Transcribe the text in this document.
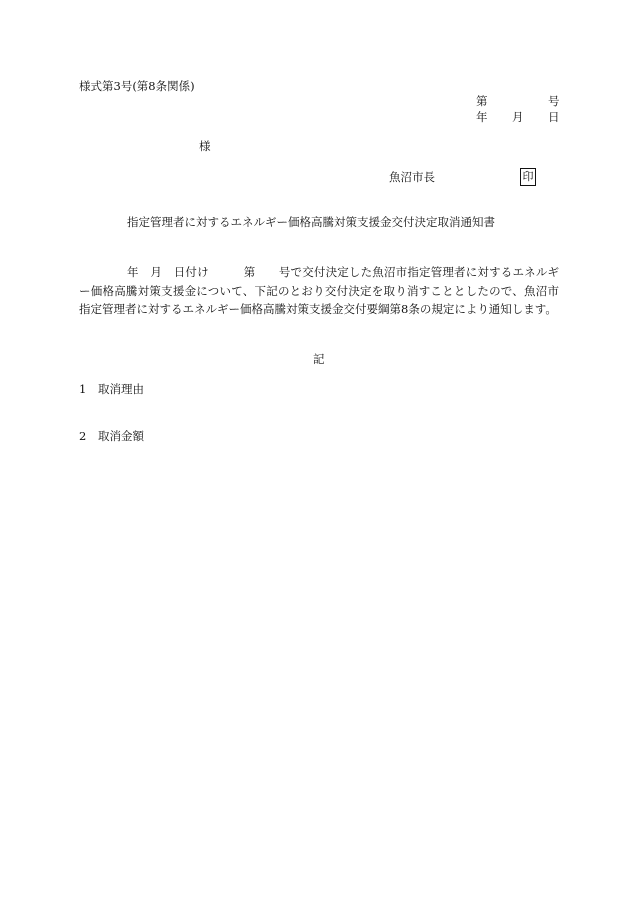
様式第3号(第8条関係)
第	号
年 月 日
様
魚沼市長	印
指定管理者に対するエネルギー価格高騰対策支援金交付決定取消通知書
年　月　日付け　　　第　　号で交付決定した魚沼市指定管理者に対するエネルギー価格高騰対策支援金について、下記のとおり交付決定を取り消すこととしたので、魚沼市指定管理者に対するエネルギー価格高騰対策支援金交付要綱第8条の規定により通知します。
記
1 取消理由
2 取消金額
